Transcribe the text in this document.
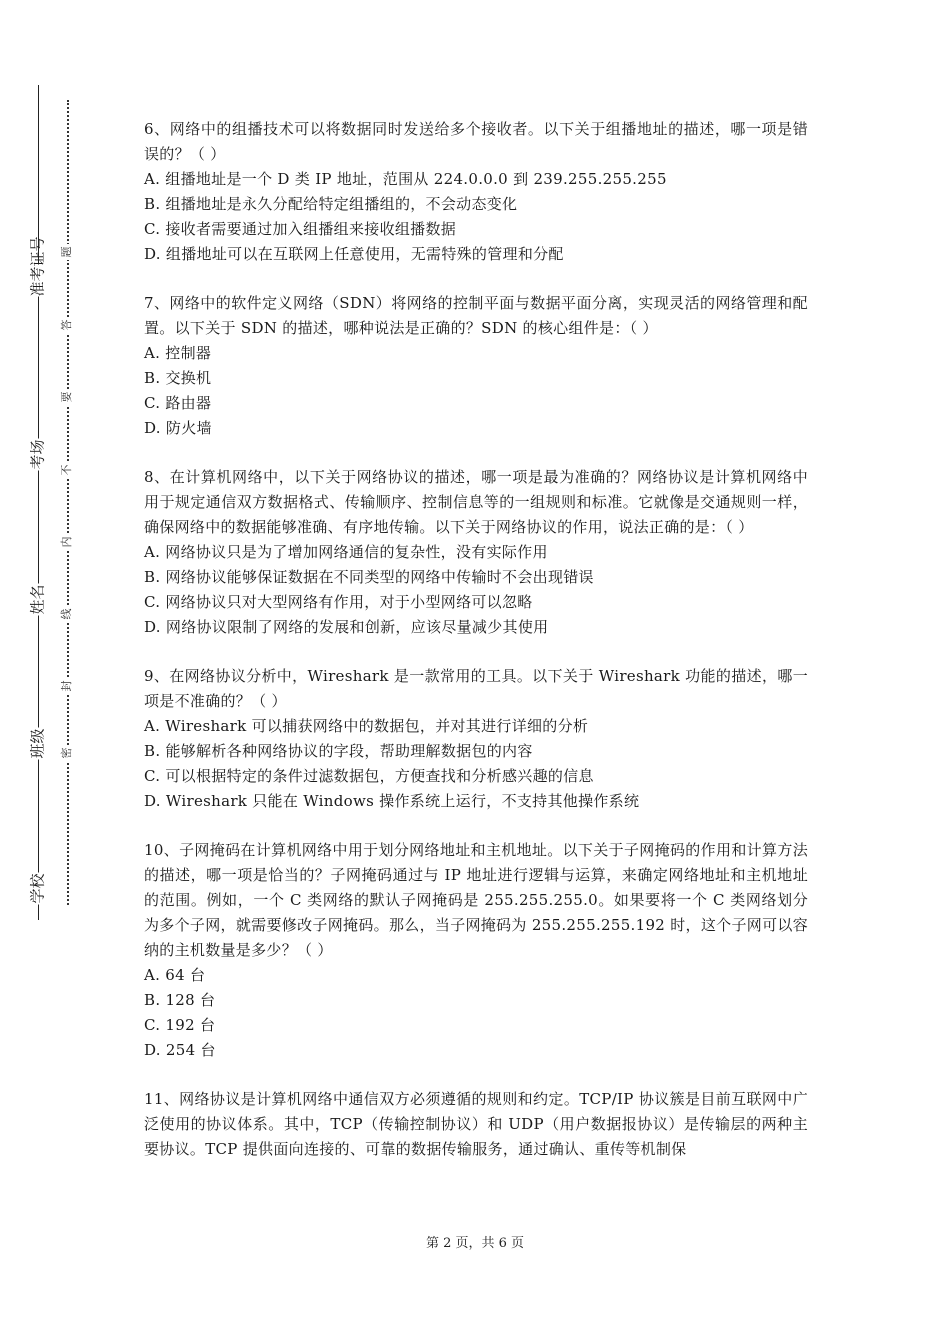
准考证号
考场
姓名
班级
学校
题
答
要
不
内
线
封
密

6、网络中的组播技术可以将数据同时发送给多个接收者。以下关于组播地址的描述，哪一项是错误的？（ ）

A. 组播地址是一个 D 类 IP 地址，范围从 224.0.0.0 到 239.255.255.255

B. 组播地址是永久分配给特定组播组的，不会动态变化

C. 接收者需要通过加入组播组来接收组播数据

D. 组播地址可以在互联网上任意使用，无需特殊的管理和分配

7、网络中的软件定义网络（SDN）将网络的控制平面与数据平面分离，实现灵活的网络管理和配置。以下关于 SDN 的描述，哪种说法是正确的？SDN 的核心组件是：（ ）

A. 控制器

B. 交换机

C. 路由器

D. 防火墙

8、在计算机网络中，以下关于网络协议的描述，哪一项是最为准确的？网络协议是计算机网络中用于规定通信双方数据格式、传输顺序、控制信息等的一组规则和标准。它就像是交通规则一样，确保网络中的数据能够准确、有序地传输。以下关于网络协议的作用，说法正确的是：（ ）

A. 网络协议只是为了增加网络通信的复杂性，没有实际作用

B. 网络协议能够保证数据在不同类型的网络中传输时不会出现错误

C. 网络协议只对大型网络有作用，对于小型网络可以忽略

D. 网络协议限制了网络的发展和创新，应该尽量减少其使用

9、在网络协议分析中，Wireshark 是一款常用的工具。以下关于 Wireshark 功能的描述，哪一项是不准确的？（ ）

A. Wireshark 可以捕获网络中的数据包，并对其进行详细的分析

B. 能够解析各种网络协议的字段，帮助理解数据包的内容

C. 可以根据特定的条件过滤数据包，方便查找和分析感兴趣的信息

D. Wireshark 只能在 Windows 操作系统上运行，不支持其他操作系统

10、子网掩码在计算机网络中用于划分网络地址和主机地址。以下关于子网掩码的作用和计算方法的描述，哪一项是恰当的？子网掩码通过与 IP 地址进行逻辑与运算，来确定网络地址和主机地址的范围。例如，一个 C 类网络的默认子网掩码是 255.255.255.0。如果要将一个 C 类网络划分为多个子网，就需要修改子网掩码。那么，当子网掩码为 255.255.255.192 时，这个子网可以容纳的主机数量是多少？（ ）

A. 64 台

B. 128 台

C. 192 台

D. 254 台

11、网络协议是计算机网络中通信双方必须遵循的规则和约定。TCP/IP 协议簇是目前互联网中广泛使用的协议体系。其中，TCP（传输控制协议）和 UDP（用户数据报协议）是传输层的两种主要协议。TCP 提供面向连接的、可靠的数据传输服务，通过确认、重传等机制保

第 2 页，共 6 页
